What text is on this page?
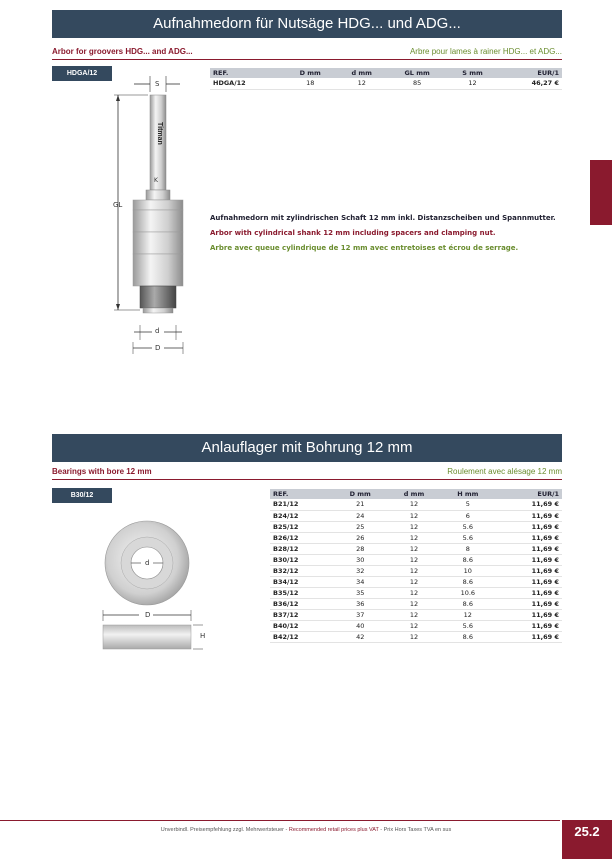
Aufnahmedorn für Nutsäge HDG... und ADG...
Arbor for groovers HDG... and ADG...	Arbre pour lames à rainer HDG... et ADG...
HDGA/12
Titman
K
S
GL
d
D
REF.	D mm	d mm	GL mm	S mm	EUR/1
HDGA/12	18	12	85	12	46,27 €
Aufnahmedorn mit zylindrischen Schaft 12 mm inkl. Distanzscheiben und Spannmutter.
Arbor with cylindrical shank 12 mm including spacers and clamping nut.
Arbre avec queue cylindrique de 12 mm avec entretoises et écrou de serrage.
Anlauflager mit Bohrung 12 mm
Bearings with bore 12 mm	Roulement avec alésage 12 mm
B30/12
d
D
H
REF.	D mm	d mm	H mm	EUR/1
B21/12	21	12	5	11,69 €
B24/12	24	12	6	11,69 €
B25/12	25	12	5.6	11,69 €
B26/12	26	12	5.6	11,69 €
B28/12	28	12	8	11,69 €
B30/12	30	12	8.6	11,69 €
B32/12	32	12	10	11,69 €
B34/12	34	12	8.6	11,69 €
B35/12	35	12	10.6	11,69 €
B36/12	36	12	8.6	11,69 €
B37/12	37	12	12	11,69 €
B40/12	40	12	5.6	11,69 €
B42/12	42	12	8.6	11,69 €
Unverbindl. Preisempfehlung zzgl. Mehrwertsteuer - Recommended retail prices plus VAT - Prix Hors Taxes TVA en sus	25.2
